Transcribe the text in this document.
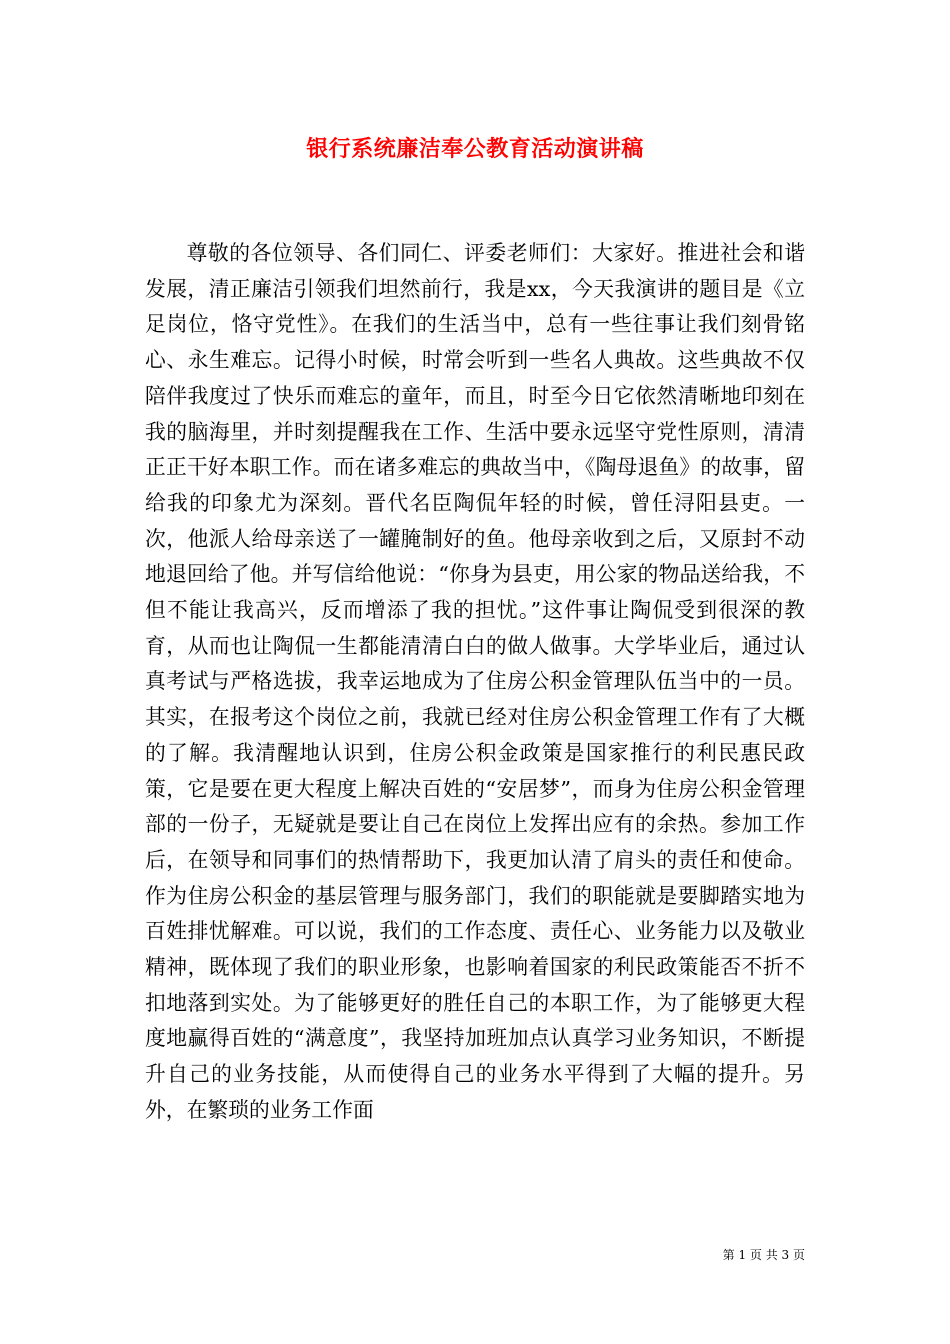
银行系统廉洁奉公教育活动演讲稿

尊敬的各位领导、各们同仁、评委老师们：大家好。推进社会和谐发展，清正廉洁引领我们坦然前行，我是xx，今天我演讲的题目是《立足岗位，恪守党性》。在我们的生活当中，总有一些往事让我们刻骨铭心、永生难忘。记得小时候，时常会听到一些名人典故。这些典故不仅陪伴我度过了快乐而难忘的童年，而且，时至今日它依然清晰地印刻在我的脑海里，并时刻提醒我在工作、生活中要永远坚守党性原则，清清正正干好本职工作。而在诸多难忘的典故当中，《陶母退鱼》的故事，留给我的印象尤为深刻。晋代名臣陶侃年轻的时候，曾任浔阳县吏。一次，他派人给母亲送了一罐腌制好的鱼。他母亲收到之后，又原封不动地退回给了他。并写信给他说：“你身为县吏，用公家的物品送给我，不但不能让我高兴，反而增添了我的担忧。”这件事让陶侃受到很深的教育，从而也让陶侃一生都能清清白白的做人做事。大学毕业后，通过认真考试与严格选拔，我幸运地成为了住房公积金管理队伍当中的一员。其实，在报考这个岗位之前，我就已经对住房公积金管理工作有了大概的了解。我清醒地认识到，住房公积金政策是国家推行的利民惠民政策，它是要在更大程度上解决百姓的“安居梦”，而身为住房公积金管理部的一份子，无疑就是要让自己在岗位上发挥出应有的余热。参加工作后，在领导和同事们的热情帮助下，我更加认清了肩头的责任和使命。作为住房公积金的基层管理与服务部门，我们的职能就是要脚踏实地为百姓排忧解难。可以说，我们的工作态度、责任心、业务能力以及敬业精神，既体现了我们的职业形象，也影响着国家的利民政策能否不折不扣地落到实处。为了能够更好的胜任自己的本职工作，为了能够更大程度地赢得百姓的“满意度”，我坚持加班加点认真学习业务知识，不断提升自己的业务技能，从而使得自己的业务水平得到了大幅的提升。另外，在繁琐的业务工作面

第 1 页 共 3 页
